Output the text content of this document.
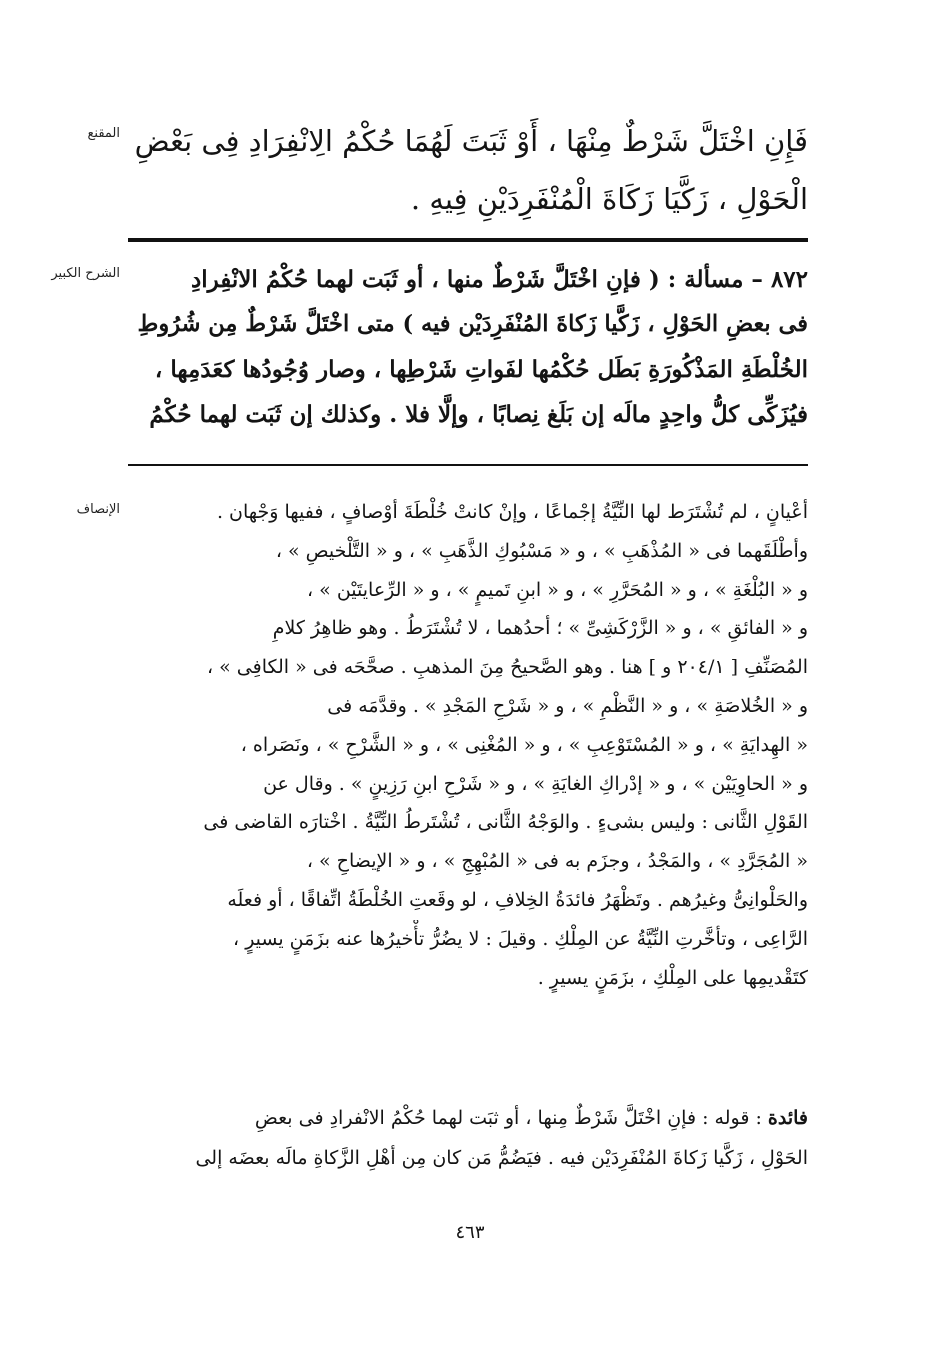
المقنع فَإِنِ اخْتَلَّ شَرْطٌ مِنْهَا ، أَوْ ثَبَتَ لَهُمَا حُكْمُ الِانْفِرَادِ فِى بَعْضِ
الْحَوْلِ ، زَكَّيَا زَكَاةَ الْمُنْفَرِدَيْنِ فِيهِ .
الشرح الكبير	٨٧٢ – مسألة : ( فإنِ اخْتَلَّ شَرْطٌ منها ، أو ثَبَت لهما حُكْمُ الانْفِرادِ
فى بعضِ الحَوْلِ ، زَكَّيا زَكاةَ المُنْفَرِدَيْن فيه ) متى اخْتَلَّ شَرْطٌ مِن شُرُوطِ
الخُلْطَةِ المَذْكُورَةِ بَطَل حُكْمُها لفَواتِ شَرْطِها ، وصار وُجُودُها كعَدَمِها ،
فيُزَكِّى كلُّ واحِدٍ مالَه إن بَلَغ نِصابًا ، وإلَّا فلا . وكذلك إن ثَبَت لهما حُكْمُ
الإنصاف	أعْيانٍ ، لم تُشْتَرَط لها النِّيَّةُ إجْماعًا ، وإنْ كانتْ خُلْطَةَ أوْصافٍ ، ففيها وَجْهان .
وأطْلَقَهما فى « المُذْهَبِ » ، و « مَسْبُوكِ الذَّهَبِ » ، و « التَّلْخيصِ » ،
و « البُلْغَةِ » ، و « المُحَرَّرِ » ، و « ابنِ تَميمٍ » ، و « الرِّعايتَيْن » ،
و « الفائقِ » ، و « الزَّرْكَشِىِّ » ؛ أحدُهما ، لا تُشْتَرَطُ . وهو ظاهِرُ كلامِ
المُصَنِّفِ [ ٢٠٤/١ و ] هنا . وهو الصَّحيحُ مِنَ المذهبِ . صحَّحَه فى « الكافِى » ،
و « الخُلاصَةِ » ، و « النَّظْمِ » ، و « شَرْحِ المَجْدِ » . وقدَّمَه فى
« الهِدايَةِ » ، و « المُسْتَوْعِبِ » ، و « المُغْنِى » ، و « الشَّرْحِ » ، ونَصَراه ،
و « الحاوِيَيْن » ، و « إدْراكِ الغايَةِ » ، و « شَرْحِ ابنِ رَزِينٍ » . وقال عن
القَوْلِ الثَّانى : وليس بشىءٍ . والوَجْهُ الثَّانى ، تُشْتَرطُ النِّيَّةُ . اخْتارَه القاضى فى
« المُجَرَّدِ » ، والمَجْدُ ، وجزَم به فى « المُبْهِجِ » ، و « الإيضاحِ » ،
والحَلْوانِىُّ وغيرُهم . وتَظْهَرُ فائدَةُ الخِلافِ ، لو وقَعتِ الخُلْطَةُ اتِّفاقًا ، أو فعلَه
الرَّاعِى ، وتأخَّرتِ النِّيَّةُ عن المِلْكِ . وقيلَ : لا يضُرُّ تأْخيرُها عنه بزَمَنٍ يسيرٍ ،
كتَقْديمِها على المِلْكِ ، بزَمَنٍ يسيرٍ .
فائدة : قوله : فإنِ اخْتَلَّ شَرْطٌ مِنها ، أو ثبَت لهما حُكْمُ الانْفرادِ فى بعضِ
الحَوْلِ ، زَكَّيا زَكاةَ المُنْفَرِدَيْن فيه . فيَضُمُّ مَن كان مِن أهْلِ الزَّكاةِ مالَه بعضَه إلى
٤٦٣
